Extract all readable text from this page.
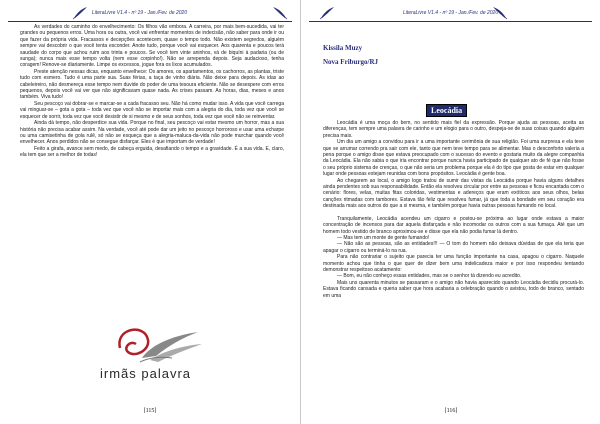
LiteraLivre V1.4 - nº 19 - Jan./Fev. de 2020

As verdades do caminho do envelhecimento: Os filhos vão embora. A carreira, por mais bem-sucedida, vai ter grandes ou pequenos erros. Uma hora ou outra, você vai enfrentar momentos de indecisão, não saber para onde ir ou que fazer da própria vida. Fracassos e decepções acontecem, quase o tempo todo. Não existem segredos, alguém sempre vai descobrir o que você tenta esconder. Anote tudo, porque você vai esquecer. Aos quarenta e poucos terá saudade do corpo que achou ruim aos trinta e poucos. Se você tem vinte aninhos, vá de biquíni à padaria (ou de sunga); nunca mais esse tempo volta (nem esse corpinho!). Não se arrependa depois. Seja audacioso, tenha coragem! Renove-se diariamente. Limpe os excessos, jogue fora os lixos acumulados.

Preste atenção nessas dicas, enquanto envelhece: Os amores, os apartamentos, os cachorros, as plantas, triste tudo com esmero. Tudo é uma parte sua. Suas férias, a taça de vinho diária. Não deixe para depois. As idas ao cabeleireiro, não desmereça esse tempo nem duvide do poder de uma tesoura eficiente. Não se desespere com erros pequenos, depois você vai ver que não significavam quase nada. As crises passam. As horas, dias, meses e anos também. Viva tudo!

Seu pescoço vai dobrar-se e marcar-se a cada fracasso seu. Não há como mudar isso. A vida que você carrega vai minguar-se – gota a gota – toda vez que você não se importar mais com a alegria do dia, toda vez que você se esquecer de sorrir, toda vez que você desistir de si mesmo e de seus sonhos, toda vez que você não se reinventar.

Ainda dá tempo, não desperdice sua vida. Porque no final, seu pescoço vai estar mesmo um horror, mas a sua história não precisa acabar assim. Na verdade, você até pode dar um jeito no pescoço horroroso e usar uma echarpe ou uma camisetinha de gola rulê, só não se esqueça que a alegria-maluca-da-vida não pode murchar quando você envelhecer. Anos perdidos não se consegue disfarçar. Eles é que importam de verdade!

Feito a girafa, avance sem medo, de cabeça erguida, desafiando o tempo e a gravidade. É a sua vida. E, claro, ela tem que ser a melhor de todas!

irmãs palavra
[115]
LiteraLivre V1.4 - nº 19 - Jan./Fev. de 2020
Kissila Muzy
Nova Friburgo/RJ
Leocádia

Leocádia é uma moça do bem, no sentido mais fiel da expressão. Porque ajuda as pessoas, aceita as diferenças, tem sempre uma palavra de carinho e um elogio para o outro, despeja-se de suas coisas quando alguém precisa mais.

Um dia um amigo a convidou para ir a uma importante cerimônia de sua religião. Foi uma surpresa e ela teve que se arrumar correndo pra sair com ele, tanto que nem teve tempo para se alimentar. Mas o desconforto valeria a pena porque o amigo disse que estava preocupado com o sucesso do evento e gostaria muito da alegre companhia da Leocádia. Ela não sabia o que iria encontrar porque nunca havia participado de qualquer ato de fé que não fosse o seu próprio sistema de crenças, o que não seria um problema porque ela é do tipo que gosta de estar em qualquer lugar onde pessoas estejam reunidas com bons propósitos. Leocádia é gente boa.

Ao chegarem ao local, o amigo logo tratou de sumir das vistas da Leocádia porque havia alguns detalhes ainda pendentes sob sua responsabilidade. Então ela resolveu circular por entre as pessoas e ficou encantada com o cenário: flores, velas, muitas fitas coloridas, vestimentas e adereços que eram exóticos aos seus olhos, belas canções ritmadas com tambores. Estava tão feliz que resolveu fumar, já que toda a bondade em seu coração era destinada mais aos outros do que a si mesma, e também porque havia outras pessoas fumando no local.

Tranquilamente, Leocádia acendeu um cigarro e postou-se próxima ao lugar onde estava a maior concentração de incensos para dar aquela disfarçada e não incomodar os outros com a sua fumaça. Até que um homem todo vestido de branco aproximou-se e disse que ela não podia fumar lá dentro.

— Mas tem um monte de gente fumando!

— Não são as pessoas, são as entidades!!! — O tom do homem não deixava dúvidas de que ela teria que apagar o cigarro ou terminá-lo na rua.

Para não contrariar o sujeito que parecia ter uma função importante na casa, apagou o cigarro. Naquele momento achou que tinha o que quer de dizer bem uma indelicadeza maior e por isso respondeu tentando demonstrar respeitoso acatamento:

— Bom, eu não conheço essas entidades, mas se o senhor tá dizendo eu acredito.

Mais uns quarenta minutos se passaram e o amigo não havia aparecido quando Leocádia decidiu procurá-lo. Estava ficando cansada e queria saber que hora acabaria a celebração quando o avistou, todo de branco, sentado em uma

[116]
